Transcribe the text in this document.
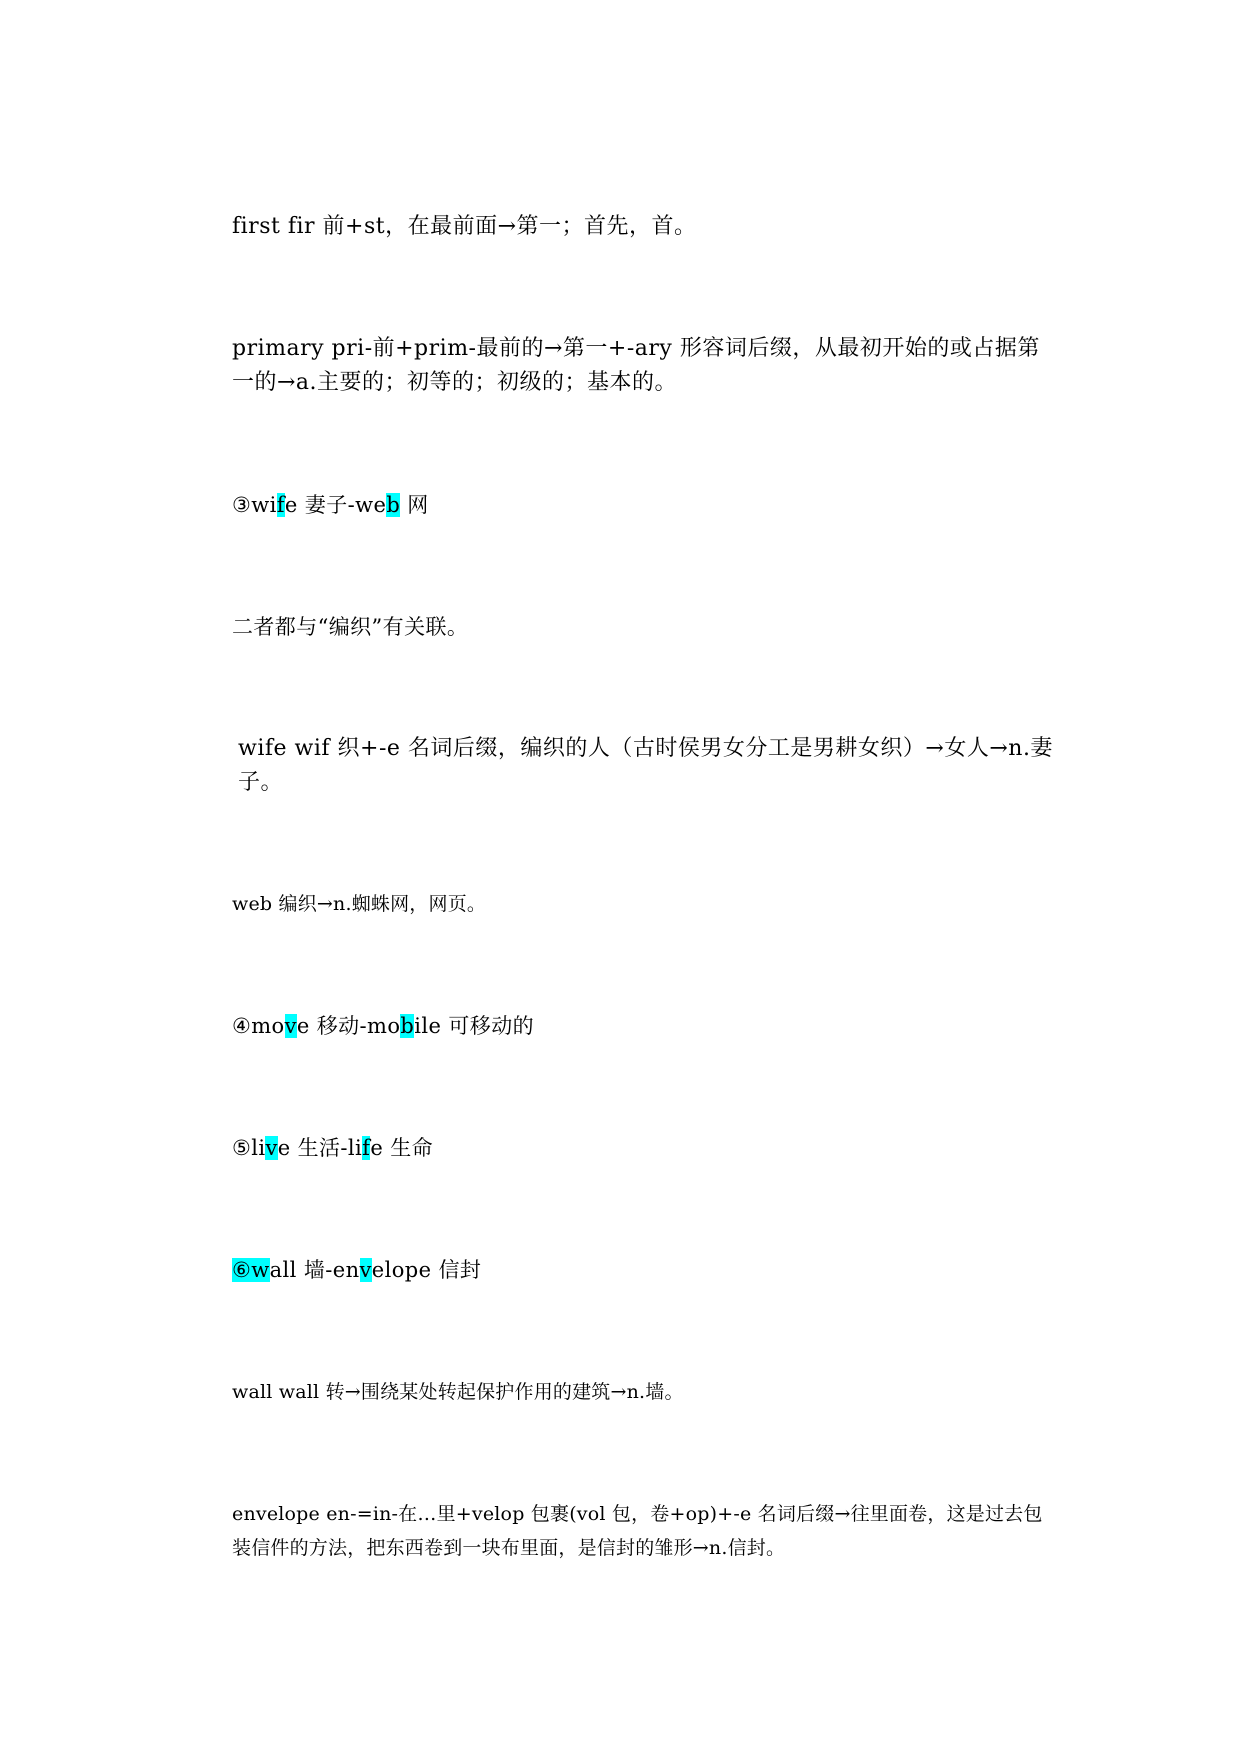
first fir 前+st，在最前面→第一；首先，首。

primary pri-前+prim-最前的→第一+-ary 形容词后缀，从最初开始的或占据第一的→a.主要的；初等的；初级的；基本的。

③wife 妻子-web 网

二者都与“编织”有关联。

wife wif 织+-e 名词后缀，编织的人（古时侯男女分工是男耕女织）→女人→n.妻子。

web 编织→n.蜘蛛网，网页。

④move 移动-mobile 可移动的

⑤live 生活-life 生命

⑥wall 墙-envelope 信封

wall wall 转→围绕某处转起保护作用的建筑→n.墙。

envelope en-=in-在…里+velop 包裹(vol 包，卷+op)+-e 名词后缀→往里面卷，这是过去包装信件的方法，把东西卷到一块布里面，是信封的雏形→n.信封。
